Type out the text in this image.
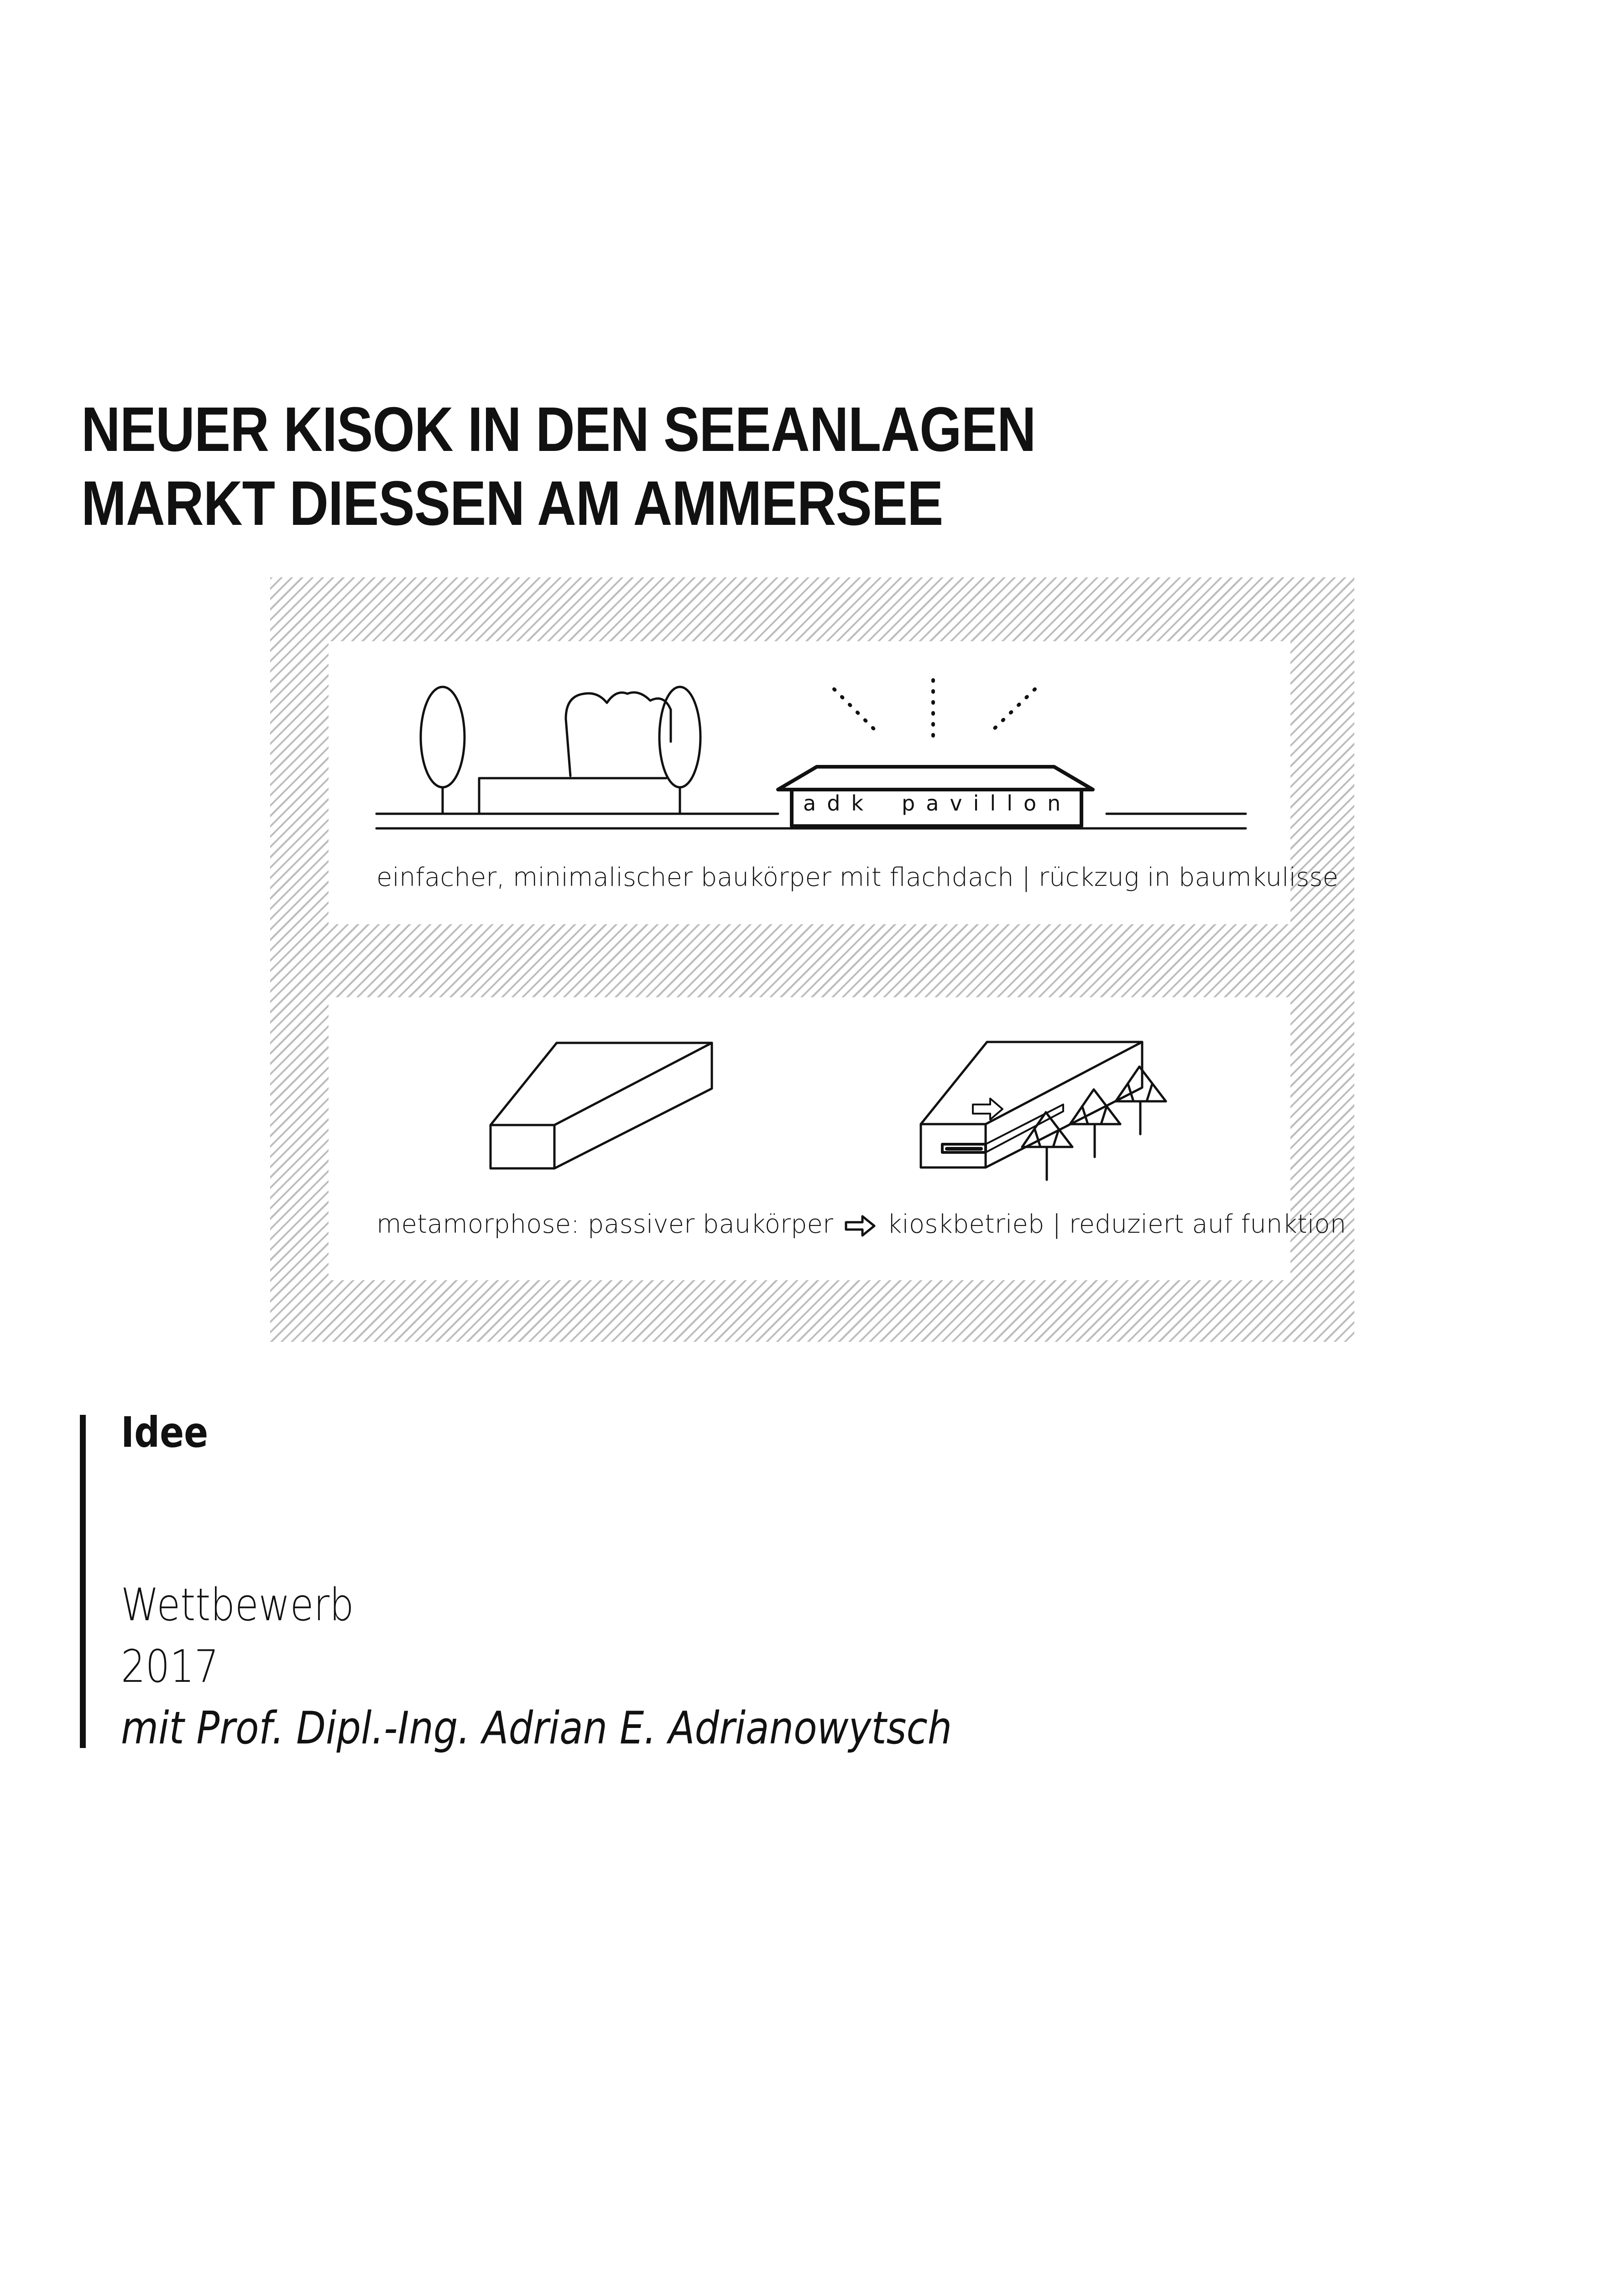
NEUER KISOK IN DEN SEEANLAGEN
MARKT DIESSEN AM AMMERSEE
adk pavillon

einfacher, minimalischer baukörper mit flachdach | rückzug in baumkulisse

metamorphose: passiver baukörper kioskbetrieb | reduziert auf funktion

Idee
Wettbewerb
2017
mit Prof. Dipl.-Ing. Adrian E. Adrianowytsch
